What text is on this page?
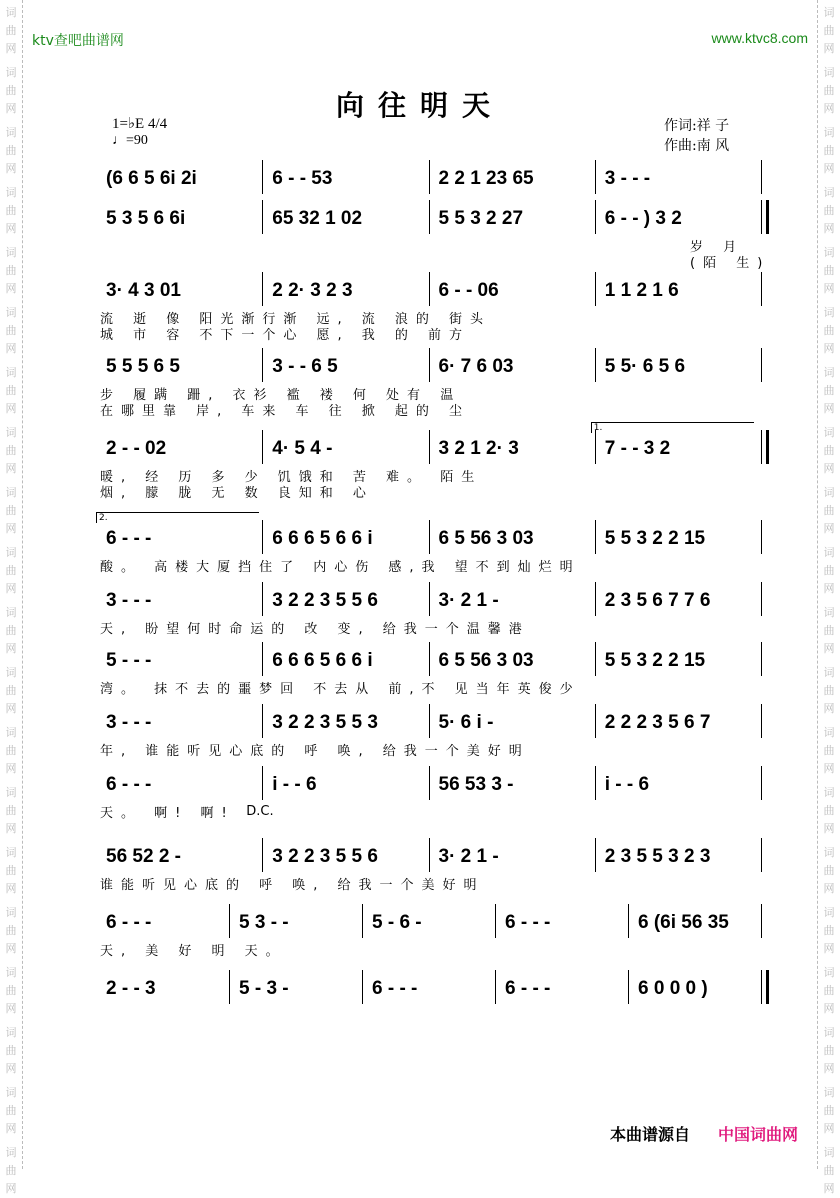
词
曲
网
词
曲
网
词
曲
网
词
曲
网
词
曲
网
词
曲
网
词
曲
网
词
曲
网
词
曲
网
词
曲
网
词
曲
网
词
曲
网
词
曲
网
词
曲
网
词
曲
网
词
曲
网
词
曲
网
词
曲
网
词
曲
网
词
曲
网
词
曲
网
词
曲
网
词
曲
网
词
曲
网
词
曲
网
词
曲
网
词
曲
网
词
曲
网
词
曲
网
词
曲
网
词
曲
网
词
曲
网
词
曲
网
词
曲
网
词
曲
网
词
曲
网
词
曲
网
词
曲
网
词
曲
网
词
曲
网
ktv查吧曲谱网	www.ktvc8.com
向往明天
1=♭E 4/4
♩=90
作词:祥 子
作曲:南 风
(6 6 5 6i 2i	6 - - 53	2 2 1 23 65	3 - - -
5 3 5 6 6i	65 32 1 02	5 5 3 2 27	6 - - ) 3 2
岁 月
(陌 生)
3· 4 3 01	2 2· 3 2 3	6 - - 06	1 1 2 1 6
流 逝 像 阳光渐行渐 远, 流 浪的 街头
城 市 容 不下一个心 愿, 我 的 前方
5 5 5 6 5	3 - - 6 5	6· 7 6 03	5 5· 6 5 6
步 履蹒 跚, 衣衫 褴 褛 何 处有 温
在哪里靠 岸, 车来 车 往 掀 起的 尘
2 - - 02	4· 5 4 -	3 2 1 2· 3	7 - - 3 2
1.
暖, 经 历 多 少 饥饿和 苦 难。 陌生
烟, 朦 胧 无 数 良知和 心
6 - - -	6 6 6 5 6 6 i	6 5 56 3 03	5 5 3 2 2 15
2.
酸。 高楼大厦挡住了 内心伤 感,我 望不到灿烂明
3 - - -	3 2 2 3 5 5 6	3· 2 1 -	2 3 5 6 7 7 6
天, 盼望何时命运的 改 变, 给我一个温馨港
5 - - -	6 6 6 5 6 6 i	6 5 56 3 03	5 5 3 2 2 15
湾。 抹不去的噩梦回 不去从 前,不 见当年英俊少
3 - - -	3 2 2 3 5 5 3	5· 6 i -	2 2 2 3 5 6 7
年, 谁能听见心底的 呼 唤, 给我一个美好明
6 - - -	i - - 6	56 53 3 -	i - - 6
D.C.
天。 啊! 啊!
56 52 2 -	3 2 2 3 5 5 6	3· 2 1 -	2 3 5 5 3 2 3
谁能听见心底的 呼 唤, 给我一个美好明
6 - - -	5 3 - -	5 - 6 -	6 - - -	6 (6i 56 35
天, 美 好 明 天。
2 - - 3	5 - 3 -	6 - - -	6 - - -	6 0 0 0 )
本曲谱源自 中国词曲网
